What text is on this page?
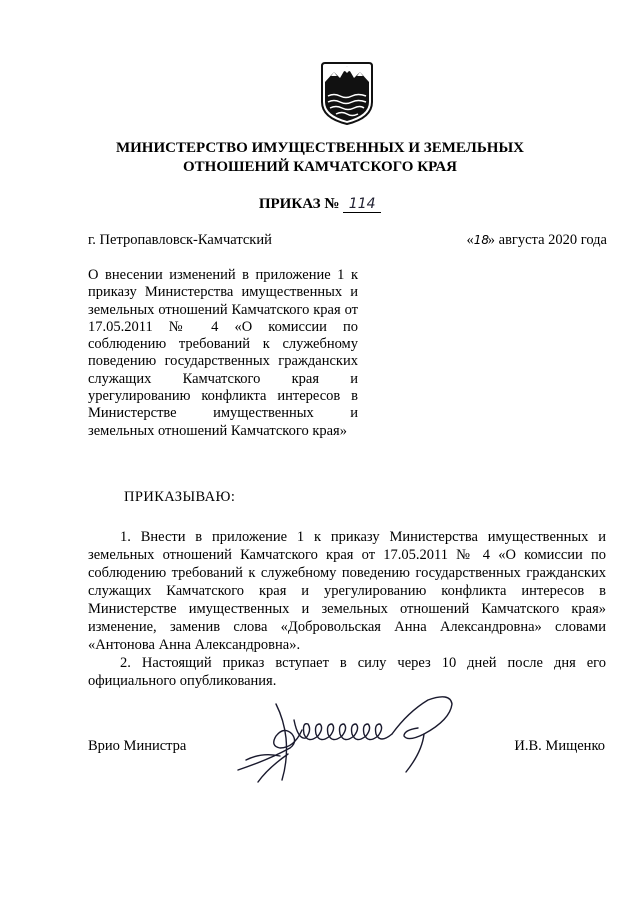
МИНИСТЕРСТВО ИМУЩЕСТВЕННЫХ И ЗЕМЕЛЬНЫХ
ОТНОШЕНИЙ КАМЧАТСКОГО КРАЯ
ПРИКАЗ № 114
г. Петропавловск-Камчатский	«18» августа 2020 года
О внесении изменений в приложение 1 к приказу Министерства имущественных и земельных отношений Камчатского края от 17.05.2011 № 4 «О комиссии по соблюдению требований к служебному поведению государственных гражданских служащих Камчатского края и урегулированию конфликта интересов в Министерстве имущественных и земельных отношений Камчатского края»
ПРИКАЗЫВАЮ:

1. Внести в приложение 1 к приказу Министерства имущественных и земельных отношений Камчатского края от 17.05.2011 № 4 «О комиссии по соблюдению требований к служебному поведению государственных гражданских служащих Камчатского края и урегулированию конфликта интересов в Министерстве имущественных и земельных отношений Камчатского края» изменение, заменив слова «Добровольская Анна Александровна» словами «Антонова Анна Александровна».

2. Настоящий приказ вступает в силу через 10 дней после дня его официального опубликования.

Врио Министра	И.В. Мищенко
